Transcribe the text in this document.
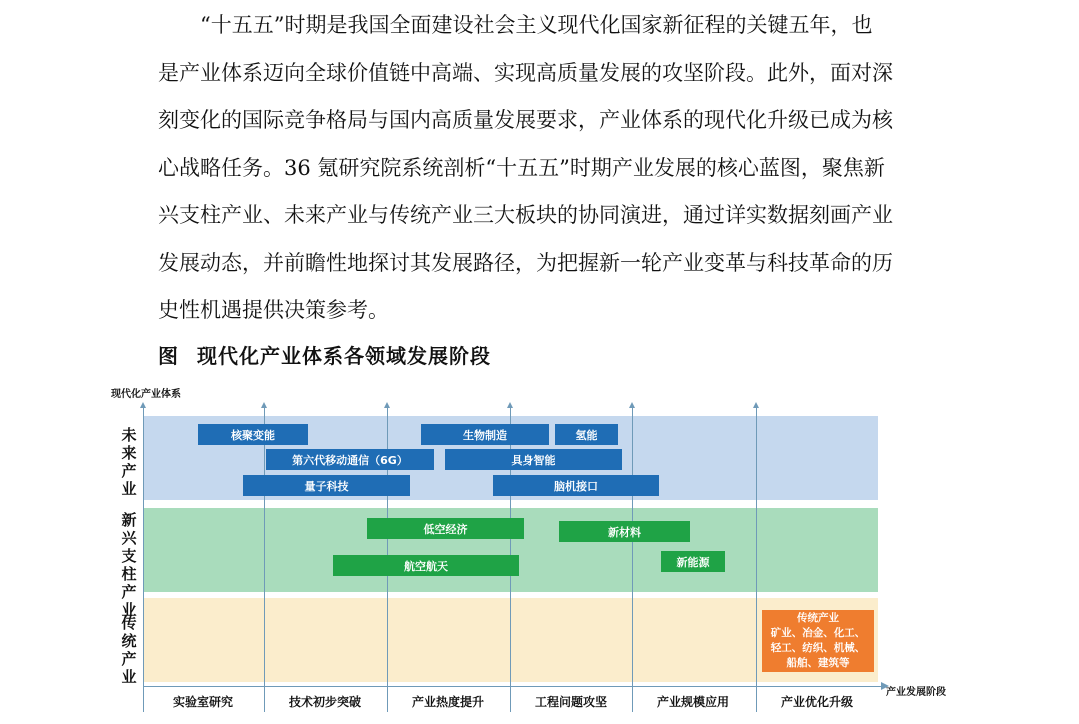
“十五五”时期是我国全面建设社会主义现代化国家新征程的关键五年，也
是产业体系迈向全球价值链中高端、实现高质量发展的攻坚阶段。此外，面对深
刻变化的国际竞争格局与国内高质量发展要求，产业体系的现代化升级已成为核
心战略任务。36 氪研究院系统剖析“十五五”时期产业发展的核心蓝图，聚焦新
兴支柱产业、未来产业与传统产业三大板块的协同演进，通过详实数据刻画产业
发展动态，并前瞻性地探讨其发展路径，为把握新一轮产业变革与科技革命的历
史性机遇提供决策参考。

图 现代化产业体系各领域发展阶段
现代化产业体系
未来产业
新兴支柱产业
传统产业
产业发展阶段
实验室研究	技术初步突破	产业热度提升	工程问题攻坚	产业规模应用	产业优化升级
核聚变能	生物制造	氢能
第六代移动通信（6G）	具身智能
量子科技	脑机接口
低空经济	新材料
航空航天	新能源
传统产业
矿业、冶金、化工、
轻工、纺织、机械、
船舶、建筑等
